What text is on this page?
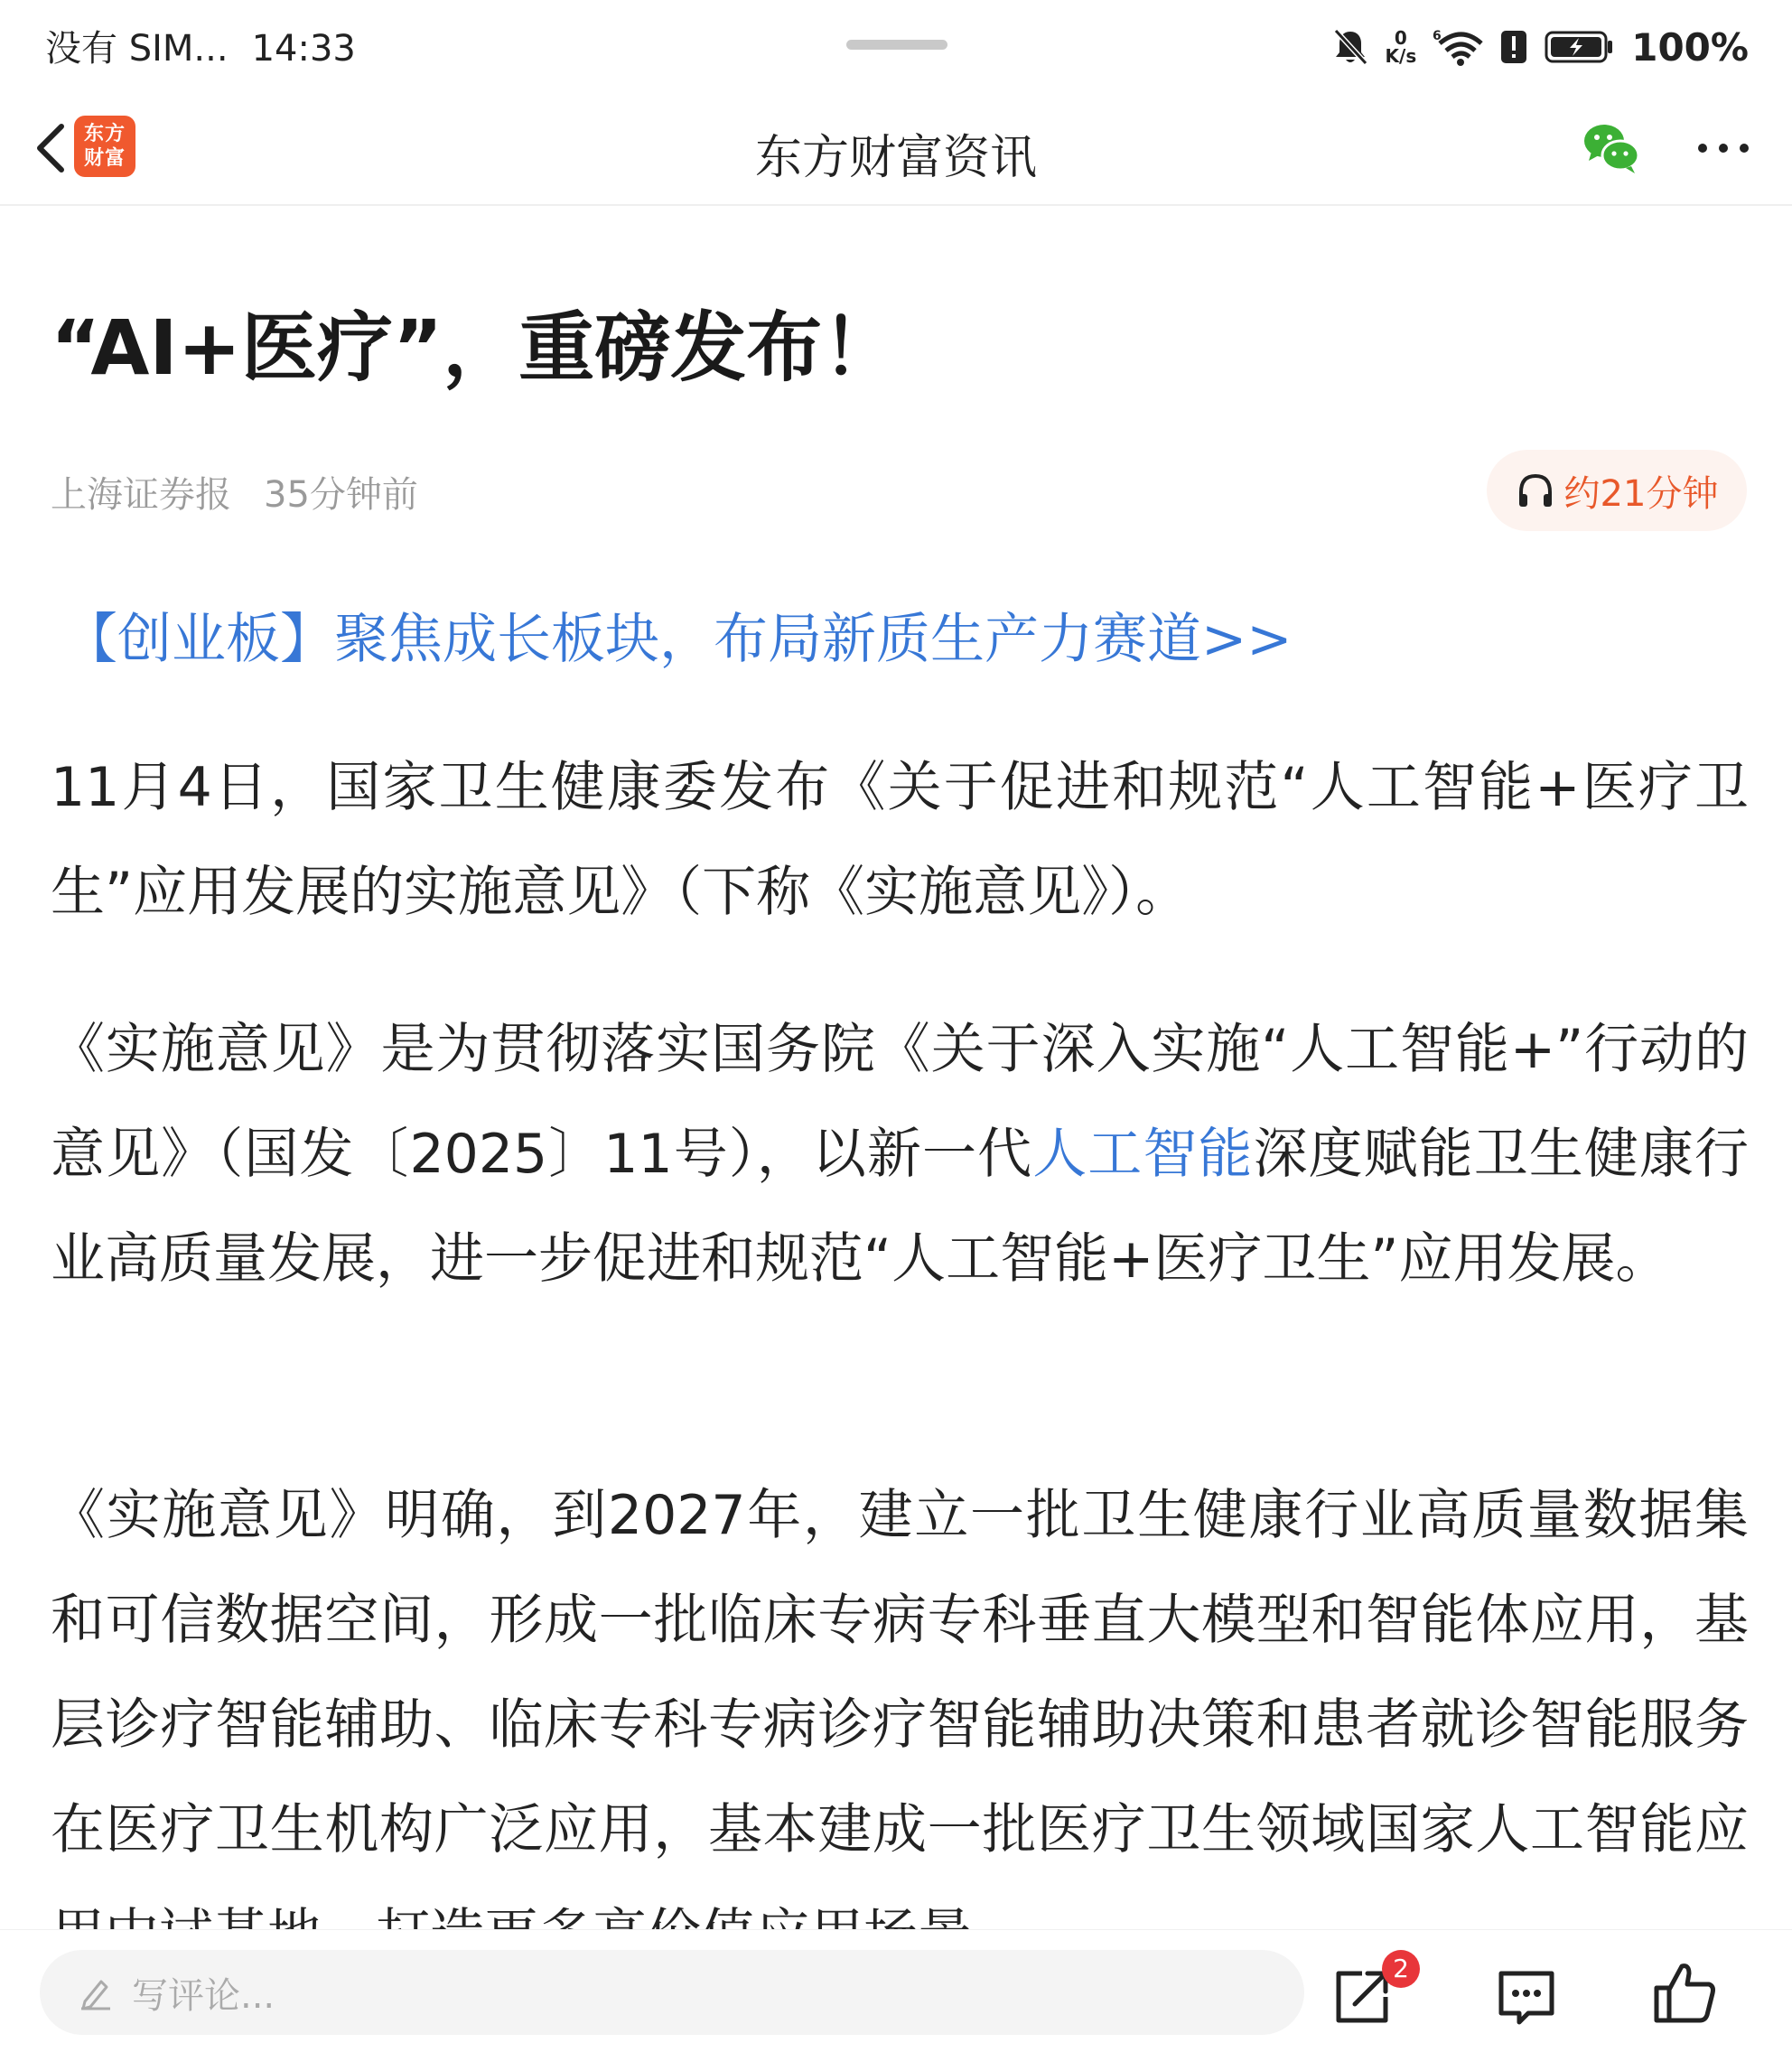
没有 SIM... 14:33	0
K/s
6	100%
东方
财富	东方财富资讯
“AI+医疗”，重磅发布！
上海证券报 35分钟前	约21分钟
【创业板】聚焦成长板块，布局新质生产力赛道>>

11月4日，国家卫生健康委发布《关于促进和规范“人工智能+医疗卫生”应用发展的实施意见》（下称《实施意见》）。

《实施意见》是为贯彻落实国务院《关于深入实施“人工智能+”行动的意见》（国发〔2025〕11号），以新一代人工智能深度赋能卫生健康行业高质量发展，进一步促进和规范“人工智能+医疗卫生”应用发展。

《实施意见》明确，到2027年，建立一批卫生健康行业高质量数据集和可信数据空间，形成一批临床专病专科垂直大模型和智能体应用，基层诊疗智能辅助、临床专科专病诊疗智能辅助决策和患者就诊智能服务在医疗卫生机构广泛应用，基本建成一批医疗卫生领域国家人工智能应

写评论...
2
